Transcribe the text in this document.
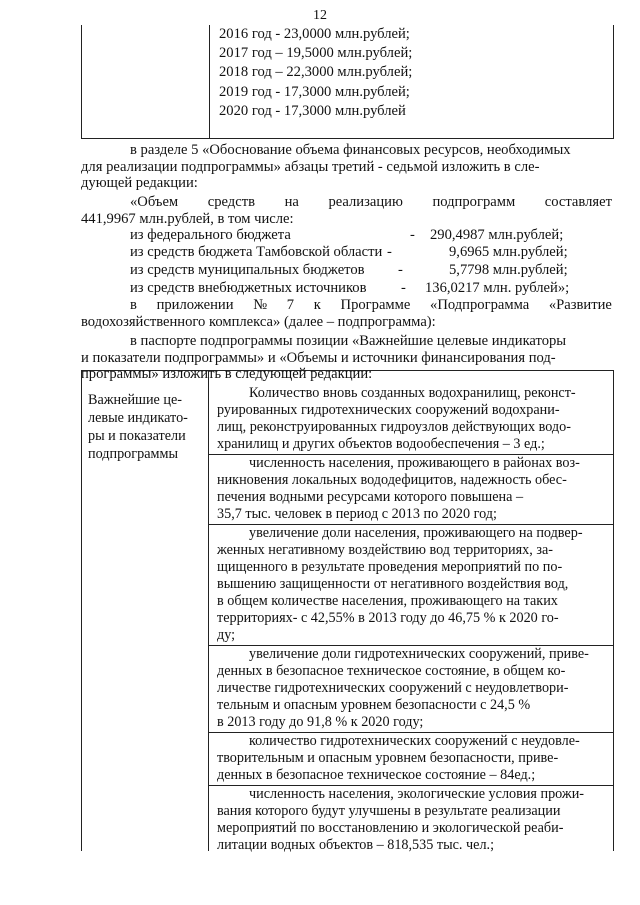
12
2016 год - 23,0000 млн.рублей;
2017 год – 19,5000 млн.рублей;
2018 год – 22,3000 млн.рублей;
2019 год - 17,3000 млн.рублей;
2020 год - 17,3000 млн.рублей
в разделе 5 «Обоснование объема финансовых ресурсов, необходимых
для реализации подпрограммы» абзацы третий - седьмой изложить в сле-
дующей редакции:
«Объем средств на реализацию подпрограмм составляет
441,9967 млн.рублей, в том числе:
из федерального бюджета	- 290,4987 млн.рублей;
из средств бюджета Тамбовской области -	9,6965 млн.рублей;
из средств муниципальных бюджетов -	5,7798 млн.рублей;
из средств внебюджетных источников - 136,0217 млн. рублей»;
в приложении № 7 к Программе «Подпрограмма «Развитие
водохозяйственного комплекса» (далее – подпрограмма):
в паспорте подпрограммы позиции «Важнейшие целевые индикаторы
и показатели подпрограммы» и «Объемы и источники финансирования под-
программы» изложить в следующей редакции:
Важнейшие це-
левые индикато-
ры и показатели
подпрограммы
Количество вновь созданных водохранилищ, реконст-
руированных гидротехнических сооружений водохрани-
лищ, реконструированных гидроузлов действующих водо-
хранилищ и других объектов водообеспечения – 3 ед.;
численность населения, проживающего в районах воз-
никновения локальных вододефицитов, надежность обес-
печения водными ресурсами которого повышена –
35,7 тыс. человек в период с 2013 по 2020 год;
увеличение доли населения, проживающего на подвер-
женных негативному воздействию вод территориях, за-
щищенного в результате проведения мероприятий по по-
вышению защищенности от негативного воздействия вод,
в общем количестве населения, проживающего на таких
территориях- с 42,55% в 2013 году до 46,75 % к 2020 го-
ду;
увеличение доли гидротехнических сооружений, приве-
денных в безопасное техническое состояние, в общем ко-
личестве гидротехнических сооружений с неудовлетвори-
тельным и опасным уровнем безопасности с 24,5 %
в 2013 году до 91,8 % к 2020 году;
количество гидротехнических сооружений с неудовле-
творительным и опасным уровнем безопасности, приве-
денных в безопасное техническое состояние – 84ед.;
численность населения, экологические условия прожи-
вания которого будут улучшены в результате реализации
мероприятий по восстановлению и экологической реаби-
литации водных объектов – 818,535 тыс. чел.;
